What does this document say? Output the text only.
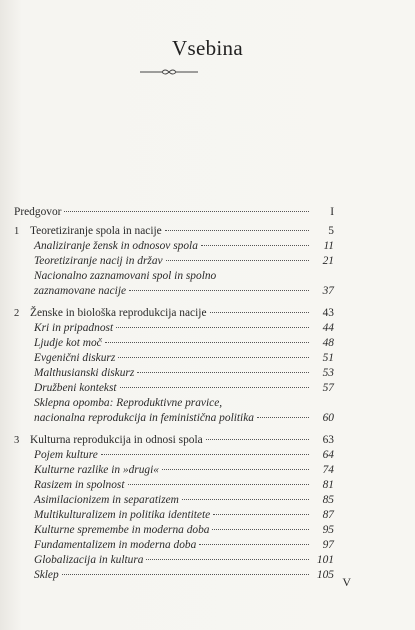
Vsebina
Predgovor	I
1 Teoretiziranje spola in nacije	5
Analiziranje žensk in odnosov spola	11
Teoretiziranje nacij in držav	21
Nacionalno zaznamovani spol in spolno
zaznamovane nacije	37
2 Ženske in biološka reprodukcija nacije	43
Kri in pripadnost	44
Ljudje kot moč	48
Evgenični diskurz	51
Malthusianski diskurz	53
Družbeni kontekst	57
Sklepna opomba: Reproduktivne pravice,
nacionalna reprodukcija in feministična politika	60
3 Kulturna reprodukcija in odnosi spola	63
Pojem kulture	64
Kulturne razlike in »drugi«	74
Rasizem in spolnost	81
Asimilacionizem in separatizem	85
Multikulturalizem in politika identitete	87
Kulturne spremembe in moderna doba	95
Fundamentalizem in moderna doba	97
Globalizacija in kultura	101
Sklep	105 V
